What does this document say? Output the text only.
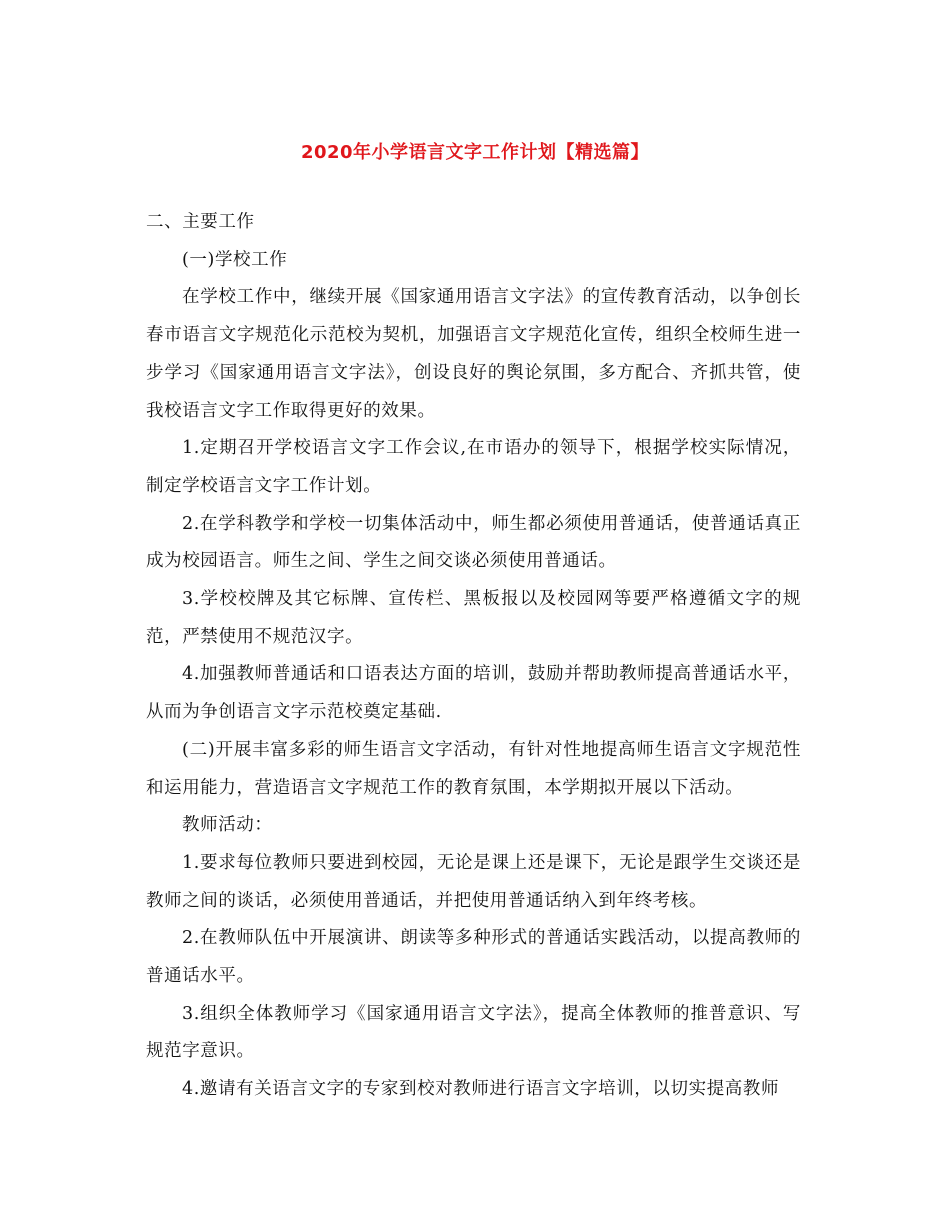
2020年小学语言文字工作计划【精选篇】

二、主要工作

(一)学校工作

在学校工作中，继续开展《国家通用语言文字法》的宣传教育活动，以争创长春市语言文字规范化示范校为契机，加强语言文字规范化宣传，组织全校师生进一步学习《国家通用语言文字法》，创设良好的舆论氛围，多方配合、齐抓共管，使我校语言文字工作取得更好的效果。

1.定期召开学校语言文字工作会议,在市语办的领导下，根据学校实际情况，制定学校语言文字工作计划。

2.在学科教学和学校一切集体活动中，师生都必须使用普通话，使普通话真正成为校园语言。师生之间、学生之间交谈必须使用普通话。

3.学校校牌及其它标牌、宣传栏、黑板报以及校园网等要严格遵循文字的规范，严禁使用不规范汉字。

4.加强教师普通话和口语表达方面的培训，鼓励并帮助教师提高普通话水平，从而为争创语言文字示范校奠定基础.

(二)开展丰富多彩的师生语言文字活动，有针对性地提高师生语言文字规范性和运用能力，营造语言文字规范工作的教育氛围，本学期拟开展以下活动。

教师活动：

1.要求每位教师只要进到校园，无论是课上还是课下，无论是跟学生交谈还是教师之间的谈话，必须使用普通话，并把使用普通话纳入到年终考核。

2.在教师队伍中开展演讲、朗读等多种形式的普通话实践活动，以提高教师的普通话水平。

3.组织全体教师学习《国家通用语言文字法》，提高全体教师的推普意识、写规范字意识。

4.邀请有关语言文字的专家到校对教师进行语言文字培训，以切实提高教师
